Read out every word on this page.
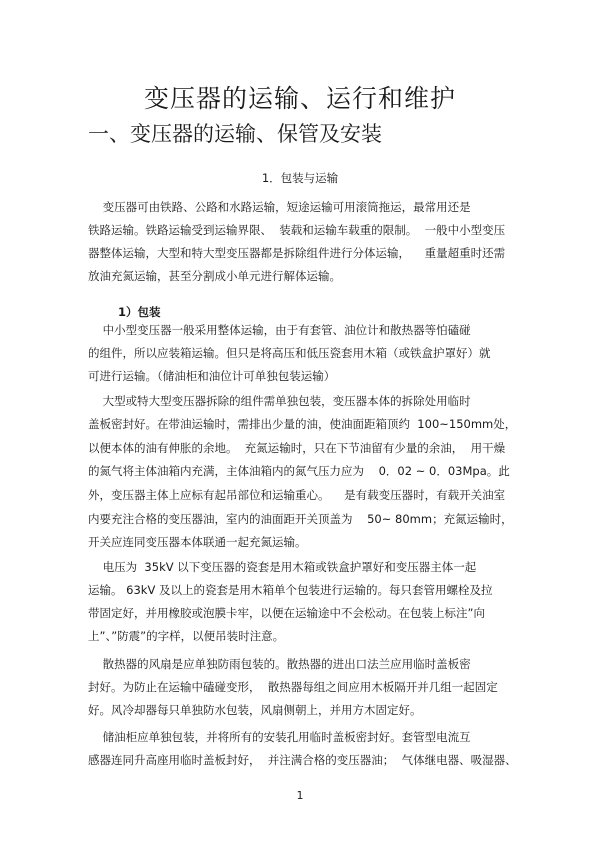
变压器的运输、运行和维护
一、变压器的运输、保管及安装
1．包装与运输

变压器可由铁路、公路和水路运输，短途运输可用滚筒拖运，最常用还是

铁路运输。铁路运输受到运输界限、  装载和运输车载重的限制。  一般中小型变压

器整体运输，大型和特大型变压器都是拆除组件进行分体运输，    重量超重时还需

放油充氮运输，甚至分割成小单元进行解体运输。

1）包装

中小型变压器一般采用整体运输，由于有套管、油位计和散热器等怕磕碰

的组件，所以应装箱运输。但只是将高压和低压瓷套用木箱（或铁盒护罩好）就

可进行运输。（储油柜和油位计可单独包装运输）

大型或特大型变压器拆除的组件需单独包装，变压器本体的拆除处用临时

盖板密封好。在带油运输时，需排出少量的油，使油面距箱顶约  100~150mm处，

以便本体的油有伸胀的余地。  充氮运输时，只在下节油留有少量的余油，  用干燥

的氮气将主体油箱内充满，主体油箱内的氮气压力应为    0．02 ~ 0．03Mpa。此

外，变压器主体上应标有起吊部位和运输重心。    是有载变压器时，有载开关油室

内要充注合格的变压器油，室内的油面距开关顶盖为    50~ 80mm；充氮运输时，

开关应连同变压器本体联通一起充氮运输。

电压为  35kV 以下变压器的瓷套是用木箱或铁盒护罩好和变压器主体一起

运输。 63kV 及以上的瓷套是用木箱单个包装进行运输的。每只套管用螺栓及拉

带固定好，并用橡胶或泡膜卡牢，以便在运输途中不会松动。在包装上标注”向

上”、”防震”的字样，以便吊装时注意。

散热器的风扇是应单独防雨包装的。散热器的进出口法兰应用临时盖板密

封好。为防止在运输中磕碰变形，  散热器每组之间应用木板隔开并几组一起固定

好。风冷却器每只单独防水包装，风扇侧朝上，并用方木固定好。

储油柜应单独包装，并将所有的安装孔用临时盖板密封好。套管型电流互

感器连同升高座用临时盖板封好，  并注满合格的变压器油；  气体继电器、吸湿器、

1
